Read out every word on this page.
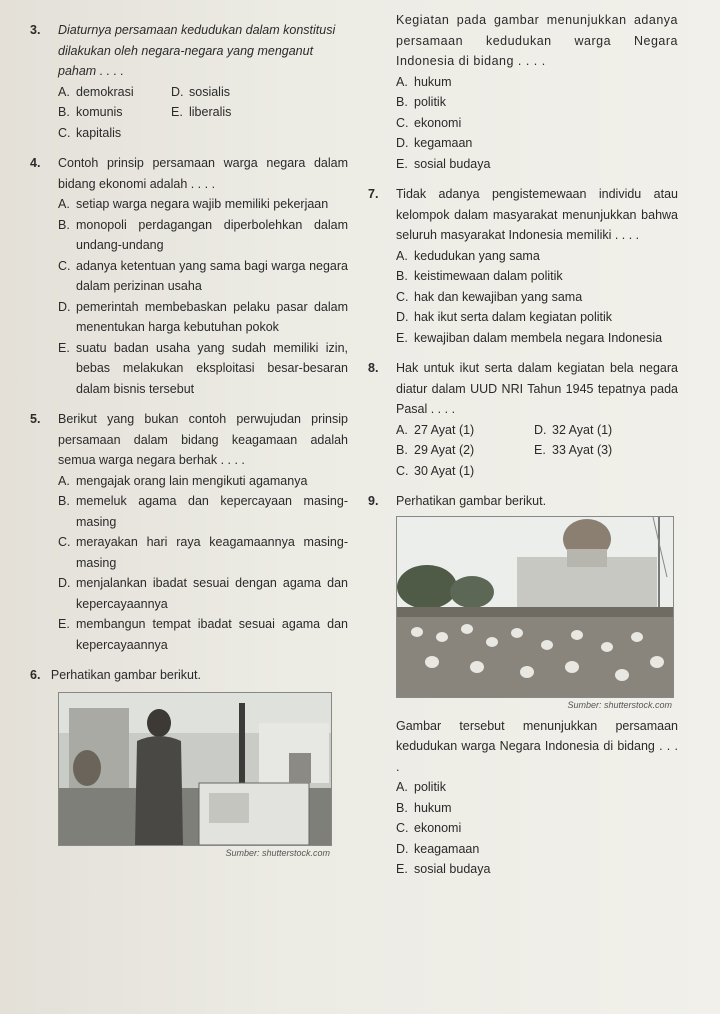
3. Diaturnya persamaan kedudukan dalam konstitusi dilakukan oleh negara-negara yang menganut paham . . . .

A. demokrasi	D. sosialis
B. komunis	E. liberalis
C. kapitalis
4. Contoh prinsip persamaan warga negara dalam bidang ekonomi adalah . . . .

A. setiap warga negara wajib memiliki pekerjaan
B. monopoli perdagangan diperbolehkan dalam undang-undang
C. adanya ketentuan yang sama bagi warga negara dalam perizinan usaha
D. pemerintah membebaskan pelaku pasar dalam menentukan harga kebutuhan pokok
E. suatu badan usaha yang sudah memiliki izin, bebas melakukan eksploitasi besar-besaran dalam bisnis tersebut
5. Berikut yang bukan contoh perwujudan prinsip persamaan dalam bidang keagamaan adalah semua warga negara berhak . . . .

A. mengajak orang lain mengikuti agamanya
B. memeluk agama dan kepercayaan masing-masing
C. merayakan hari raya keagamaannya masing-masing
D. menjalankan ibadat sesuai dengan agama dan kepercayaannya
E. membangun tempat ibadat sesuai agama dan kepercayaannya

6. Perhatikan gambar berikut.

Sumber: shutterstock.com

Kegiatan pada gambar menunjukkan adanya persamaan kedudukan warga Negara Indonesia di bidang . . . .

A. hukum
B. politik
C. ekonomi
D. kegamaan
E. sosial budaya
7. Tidak adanya pengistemewaan individu atau kelompok dalam masyarakat menunjukkan bahwa seluruh masyarakat Indonesia memiliki . . . .

A. kedudukan yang sama
B. keistimewaan dalam politik
C. hak dan kewajiban yang sama
D. hak ikut serta dalam kegiatan politik
E. kewajiban dalam membela negara Indonesia
8. Hak untuk ikut serta dalam kegiatan bela negara diatur dalam UUD NRI Tahun 1945 tepatnya pada Pasal . . . .

A. 27 Ayat (1)	D. 32 Ayat (1)
B. 29 Ayat (2)	E. 33 Ayat (3)
C. 30 Ayat (1)
9. Perhatikan gambar berikut.

Sumber: shutterstock.com

Gambar tersebut menunjukkan persamaan kedudukan warga Negara Indonesia di bidang . . . .

A. politik
B. hukum
C. ekonomi
D. keagamaan
E. sosial budaya
